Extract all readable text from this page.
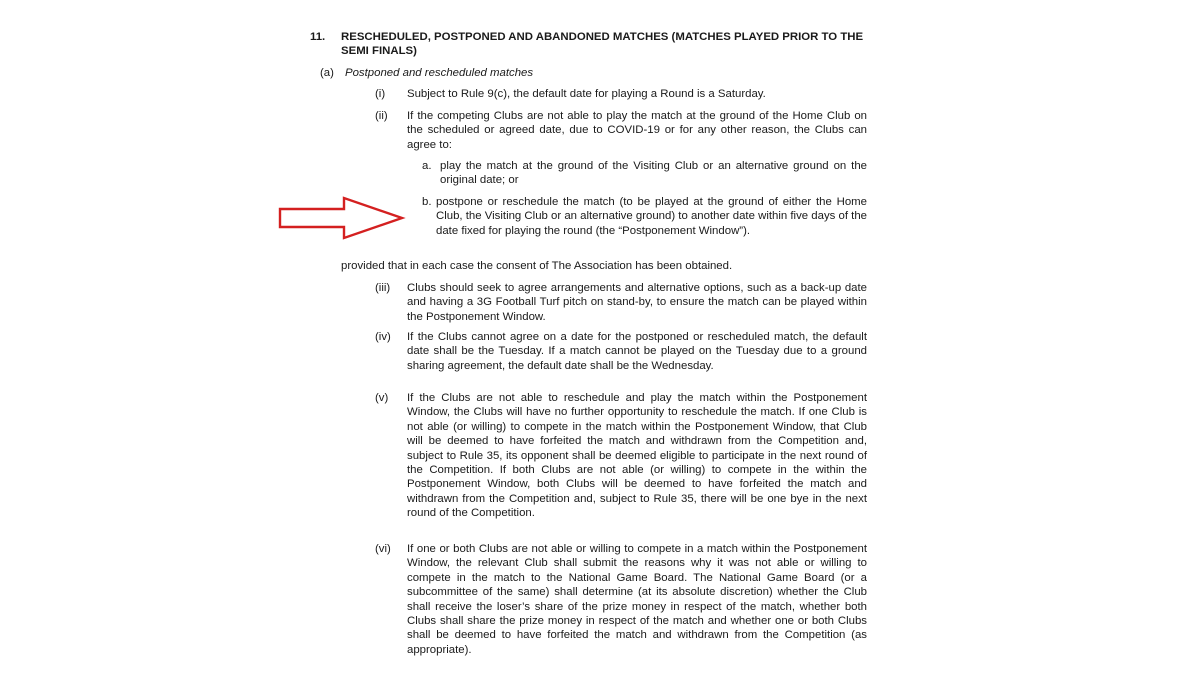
11. RESCHEDULED, POSTPONED AND ABANDONED MATCHES (MATCHES PLAYED PRIOR TO THE SEMI FINALS)
(a) Postponed and rescheduled matches
(i) Subject to Rule 9(c), the default date for playing a Round is a Saturday.
(ii) If the competing Clubs are not able to play the match at the ground of the Home Club on the scheduled or agreed date, due to COVID-19 or for any other reason, the Clubs can agree to:
a. play the match at the ground of the Visiting Club or an alternative ground on the original date; or
b. postpone or reschedule the match (to be played at the ground of either the Home Club, the Visiting Club or an alternative ground) to another date within five days of the date fixed for playing the round (the “Postponement Window”).
provided that in each case the consent of The Association has been obtained.
(iii) Clubs should seek to agree arrangements and alternative options, such as a back-up date and having a 3G Football Turf pitch on stand-by, to ensure the match can be played within the Postponement Window.
(iv) If the Clubs cannot agree on a date for the postponed or rescheduled match, the default date shall be the Tuesday. If a match cannot be played on the Tuesday due to a ground sharing agreement, the default date shall be the Wednesday.
(v) If the Clubs are not able to reschedule and play the match within the Postponement Window, the Clubs will have no further opportunity to reschedule the match. If one Club is not able (or willing) to compete in the match within the Postponement Window, that Club will be deemed to have forfeited the match and withdrawn from the Competition and, subject to Rule 35, its opponent shall be deemed eligible to participate in the next round of the Competition. If both Clubs are not able (or willing) to compete in the within the Postponement Window, both Clubs will be deemed to have forfeited the match and withdrawn from the Competition and, subject to Rule 35, there will be one bye in the next round of the Competition.
(vi) If one or both Clubs are not able or willing to compete in a match within the Postponement Window, the relevant Club shall submit the reasons why it was not able or willing to compete in the match to the National Game Board. The National Game Board (or a subcommittee of the same) shall determine (at its absolute discretion) whether the Club shall receive the loser’s share of the prize money in respect of the match, whether both Clubs shall share the prize money in respect of the match and whether one or both Clubs shall be deemed to have forfeited the match and withdrawn from the Competition (as appropriate).
